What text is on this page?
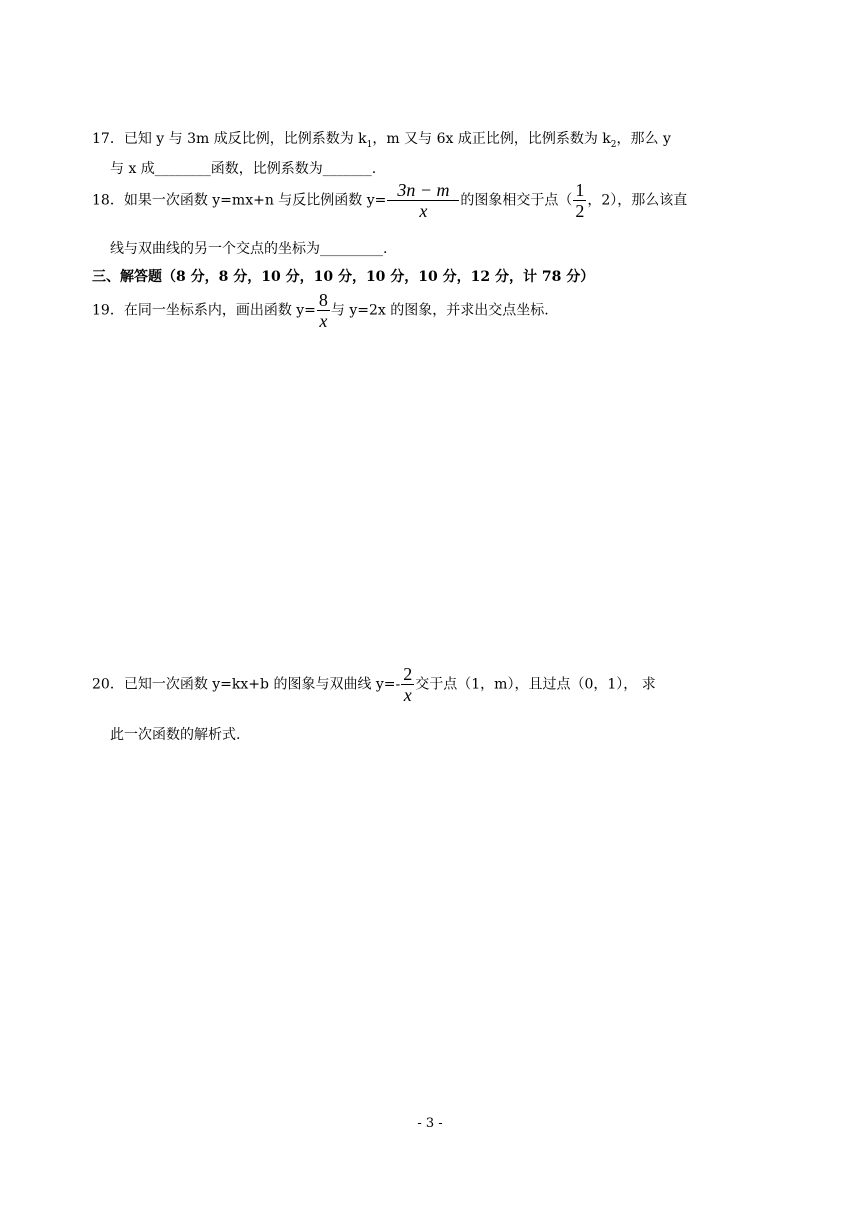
17．已知 y 与 3m 成反比例，比例系数为 $k_1$，m 又与 6x 成正比例，比例系数为 $k_2$，那么 y
与 x 成________函数，比例系数为_______.
18．如果一次函数 y=mx+n 与反比例函数 $y= \frac{3n - m}{x}$ 的图象相交于点（ $\frac{1}{2}$ ，2），那么该直
线与双曲线的另一个交点的坐标为_________.
三、解答题（8 分，8 分，10 分，10 分，10 分，10 分，12 分，计 78 分）
19．在同一坐标系内，画出函数 $y= \frac{8}{x}$ 与 y=2x 的图象，并求出交点坐标.
20．已知一次函数 y=kx+b 的图象与双曲线 $y=- \frac{2}{x}$ 交于点（1，m），且过点（0，1）， 求
此一次函数的解析式.
- 3 -
